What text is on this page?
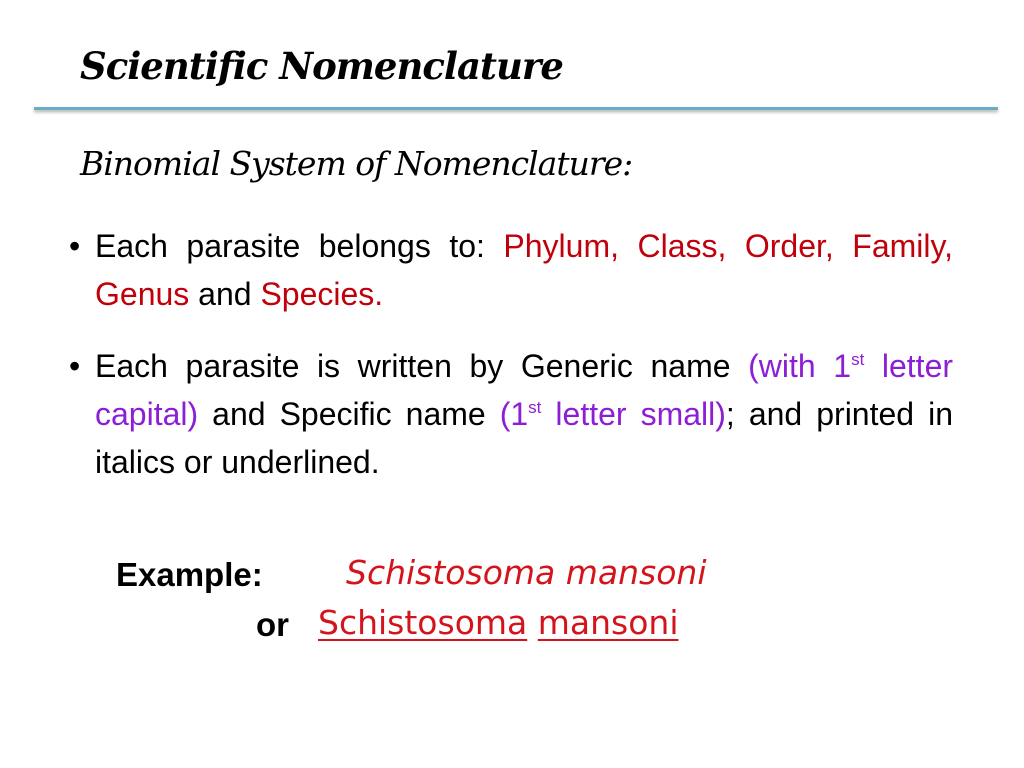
Scientific Nomenclature
Binomial System of Nomenclature:
• Each parasite belongs to: Phylum, Class, Order, Family, Genus and Species.
• Each parasite is written by Generic name (with 1st letter capital) and Specific name (1st letter small); and printed in italics or underlined.
Example:	Schistosoma mansoni
or Schistosoma mansoni
